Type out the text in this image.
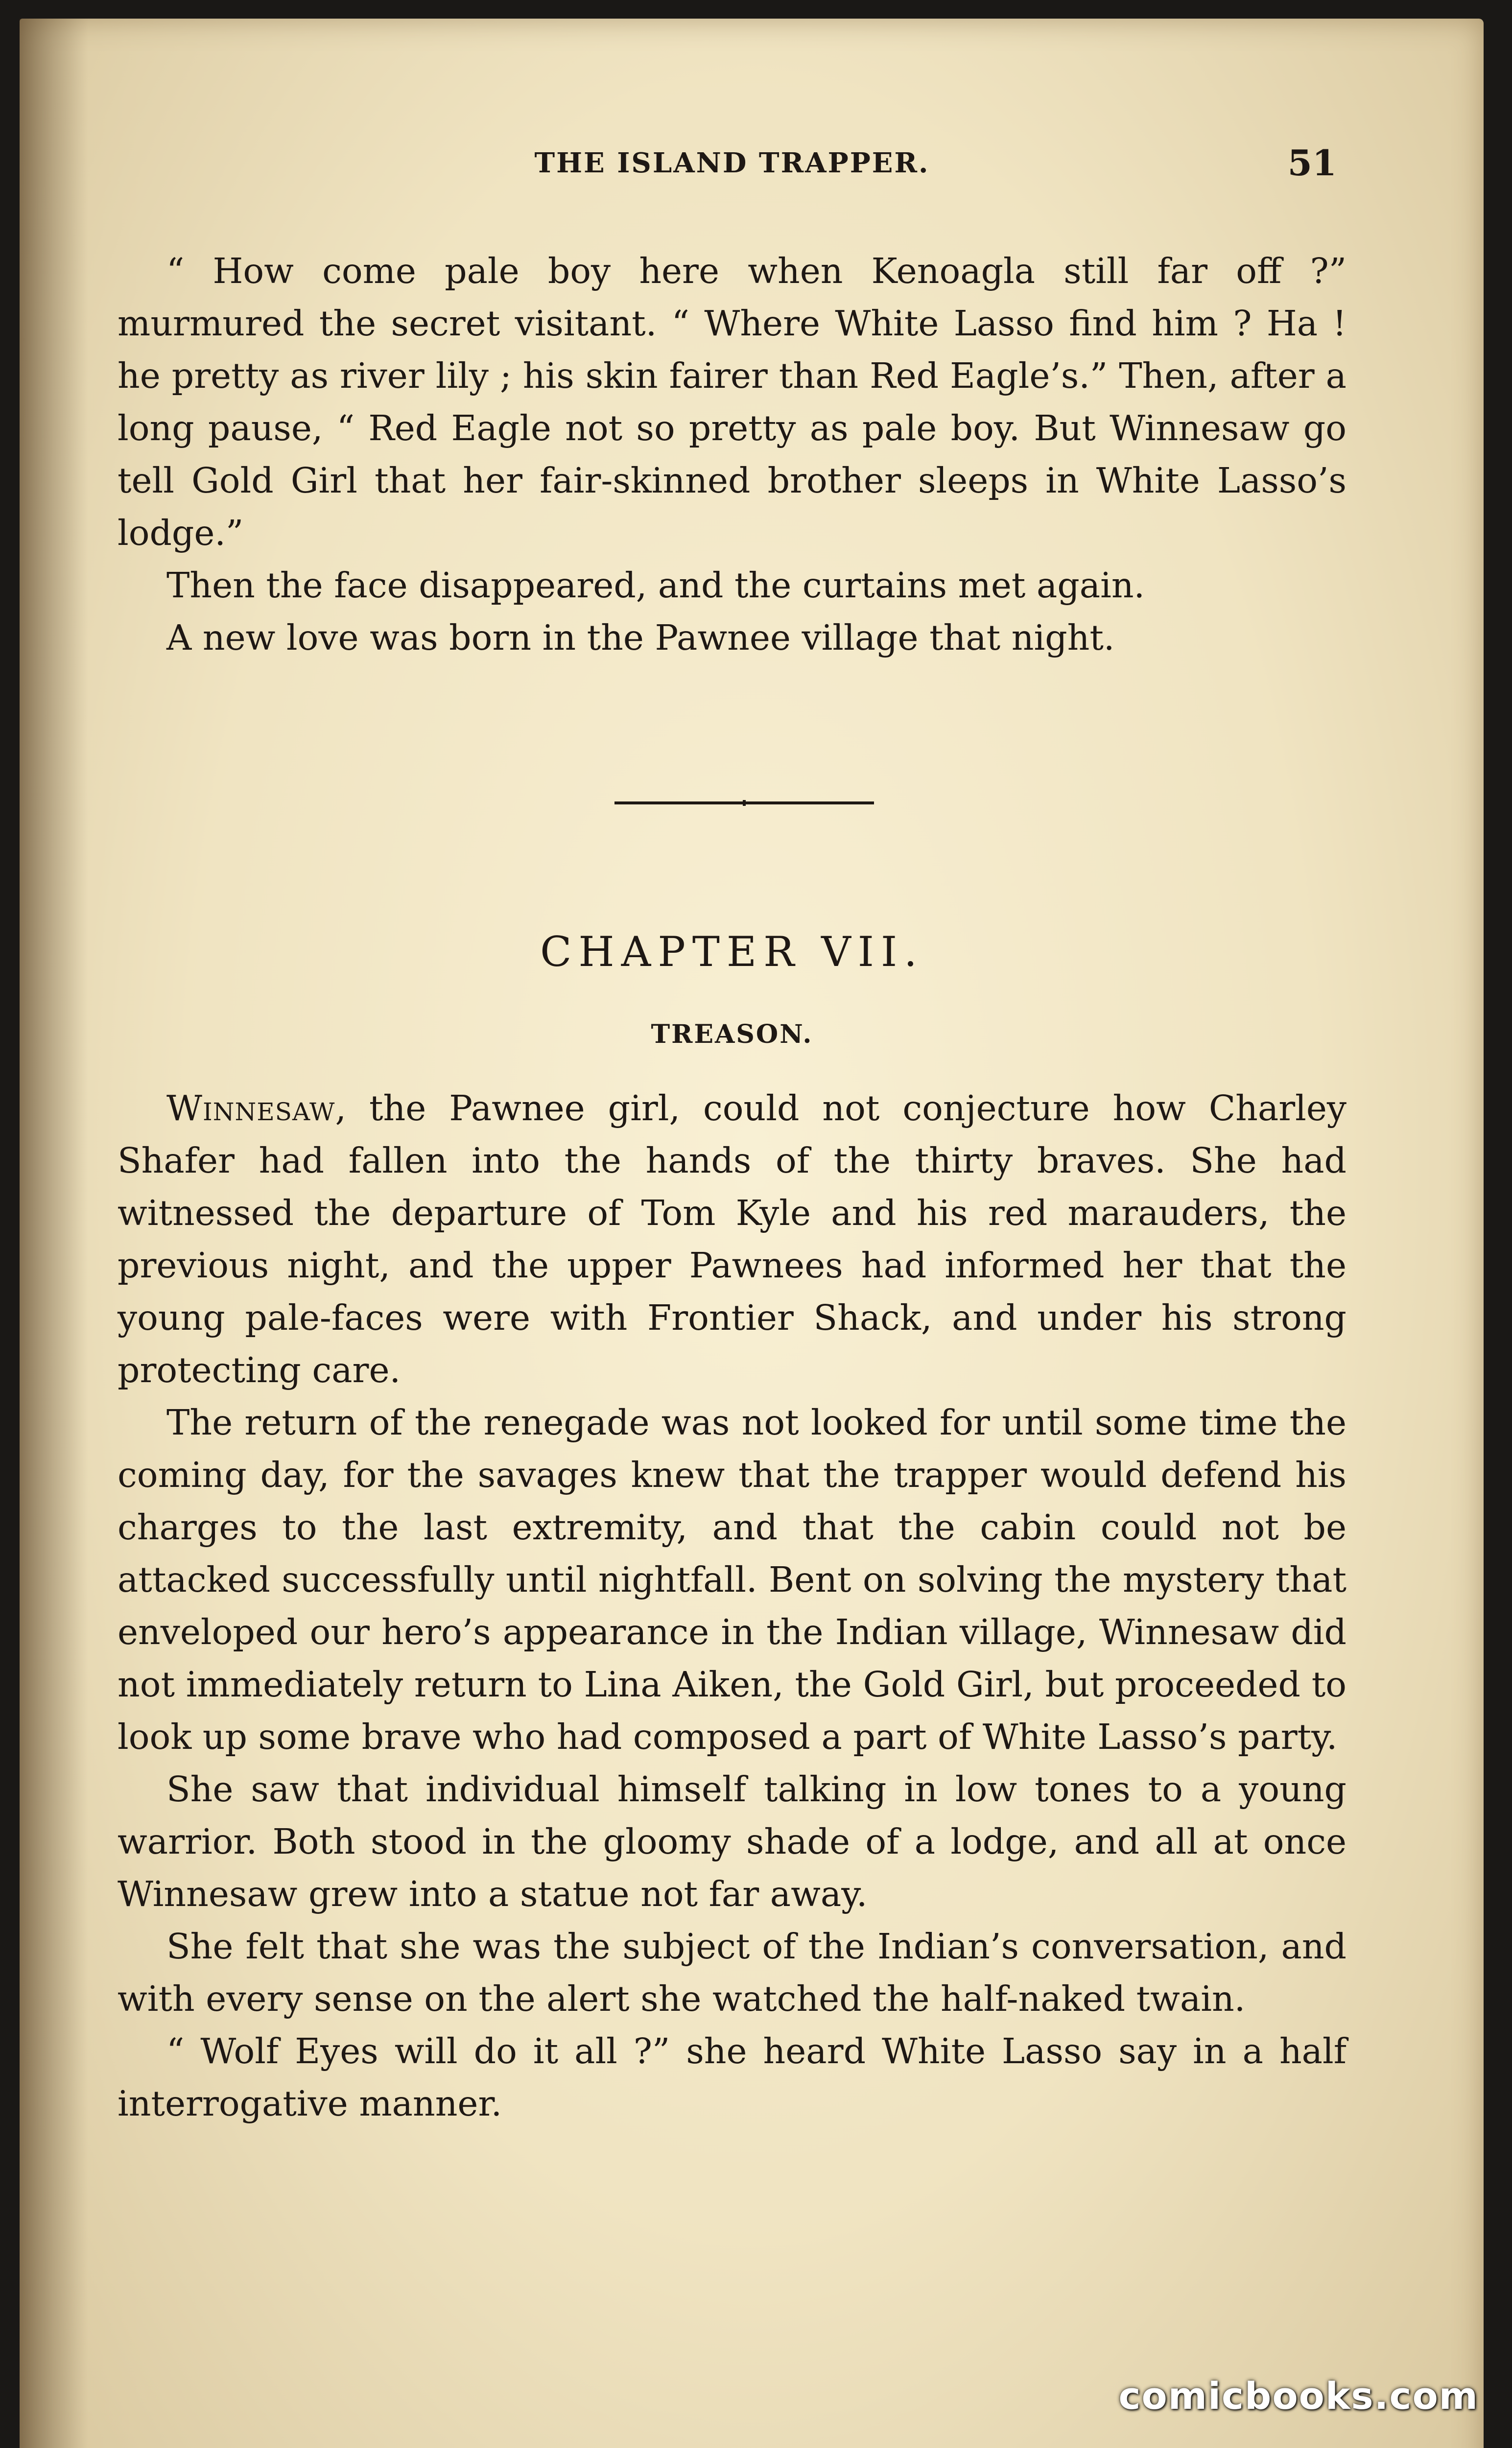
THE ISLAND TRAPPER.	51

“ How come pale boy here when Kenoagla still far off ?” murmured the secret visitant. “ Where White Lasso find him ? Ha ! he pretty as river lily ; his skin fairer than Red Eagle’s.” Then, after a long pause, “ Red Eagle not so pretty as pale boy. But Winnesaw go tell Gold Girl that her fair-skinned brother sleeps in White Lasso’s lodge.”

Then the face disappeared, and the curtains met again.

A new love was born in the Pawnee village that night.

CHAPTER VII.
TREASON.

Winnesaw, the Pawnee girl, could not conjecture how Charley Shafer had fallen into the hands of the thirty braves. She had witnessed the departure of Tom Kyle and his red marauders, the previous night, and the upper Pawnees had informed her that the young pale-faces were with Frontier Shack, and under his strong protecting care.

The return of the renegade was not looked for until some time the coming day, for the savages knew that the trapper would defend his charges to the last extremity, and that the cabin could not be attacked successfully until nightfall. Bent on solving the mystery that enveloped our hero’s appearance in the Indian village, Winnesaw did not immediately return to Lina Aiken, the Gold Girl, but proceeded to look up some brave who had composed a part of White Lasso’s party.

She saw that individual himself talking in low tones to a young warrior. Both stood in the gloomy shade of a lodge, and all at once Winnesaw grew into a statue not far away.

She felt that she was the subject of the Indian’s conversation, and with every sense on the alert she watched the half-naked twain.

“ Wolf Eyes will do it all ?” she heard White Lasso say in a half interrogative manner.

comicbooks.com
